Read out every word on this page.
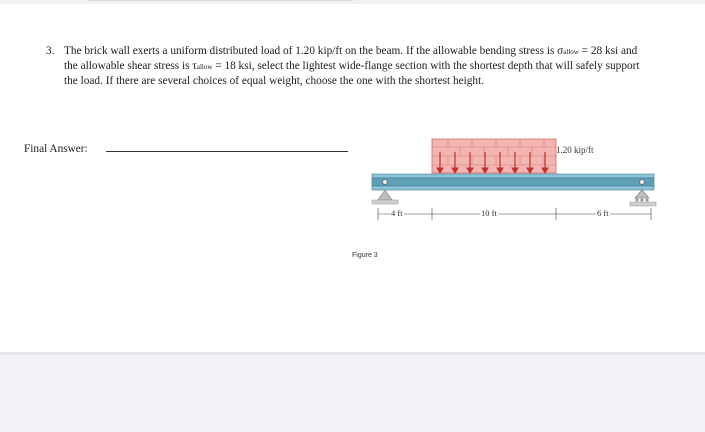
3. The brick wall exerts a uniform distributed load of 1.20 kip/ft on the beam. If the allowable bending stress is σallow = 28 ksi and the allowable shear stress is τallow = 18 ksi, select the lightest wide-flange section with the shortest depth that will safely support the load. If there are several choices of equal weight, choose the one with the shortest height.
Final Answer:	1.20 kip/ft
4 ft	10 ft	6 ft
Figure 3
